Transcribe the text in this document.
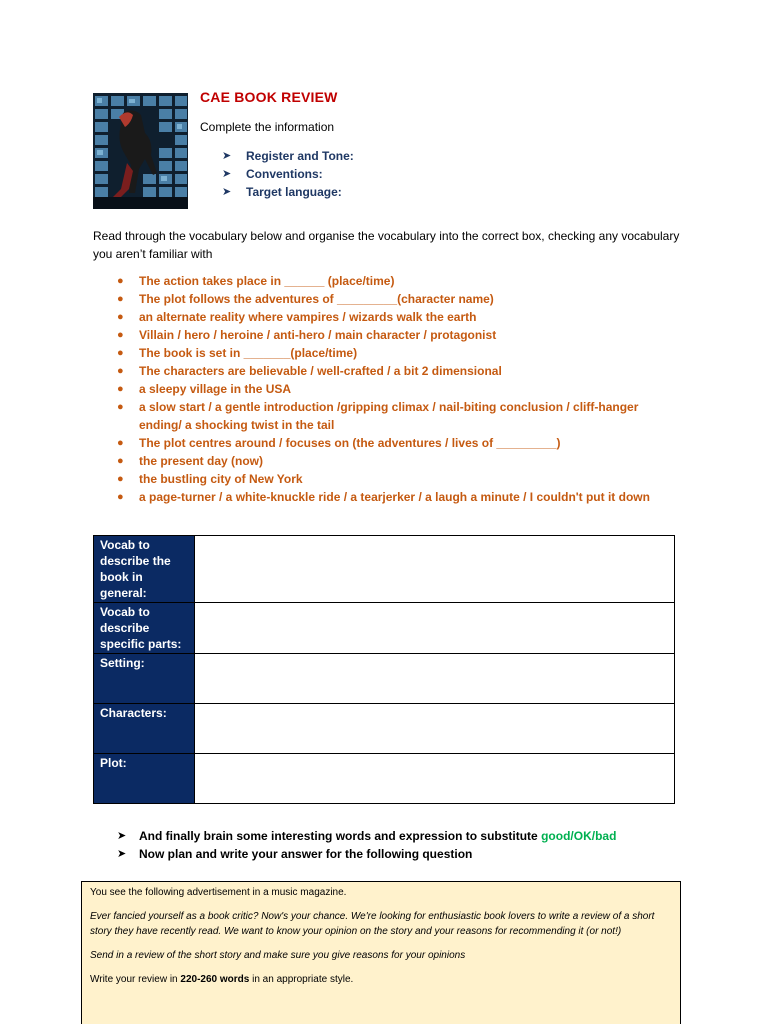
CAE BOOK REVIEW
Complete the information
➤ Register and Tone:
➤ Conventions:
➤ Target language:
Read through the vocabulary below and organise the vocabulary into the correct box, checking any vocabulary you aren’t familiar with
● The action takes place in ______ (place/time)
● The plot follows the adventures of _________(character name)
● an alternate reality where vampires / wizards walk the earth
● Villain / hero / heroine / anti-hero / main character / protagonist
● The book is set in _______(place/time)
● The characters are believable / well-crafted / a bit 2 dimensional
● a sleepy village in the USA
● a slow start / a gentle introduction /gripping climax / nail-biting conclusion / cliff-hanger ending/ a shocking twist in the tail
● The plot centres around / focuses on (the adventures / lives of _________)
● the present day (now)
● the bustling city of New York
● a page-turner / a white-knuckle ride / a tearjerker / a laugh a minute / I couldn't put it down
Vocab to describe the book in general:	
Vocab to describe specific parts:	
Setting:	
Characters:	
Plot:	
➤ And finally brain some interesting words and expression to substitute good/OK/bad
➤ Now plan and write your answer for the following question

You see the following advertisement in a music magazine.

Ever fancied yourself as a book critic? Now's your chance. We're looking for enthusiastic book lovers to write a review of a short story they have recently read. We want to know your opinion on the story and your reasons for recommending it (or not!)

Send in a review of the short story and make sure you give reasons for your opinions

Write your review in 220-260 words in an appropriate style.
